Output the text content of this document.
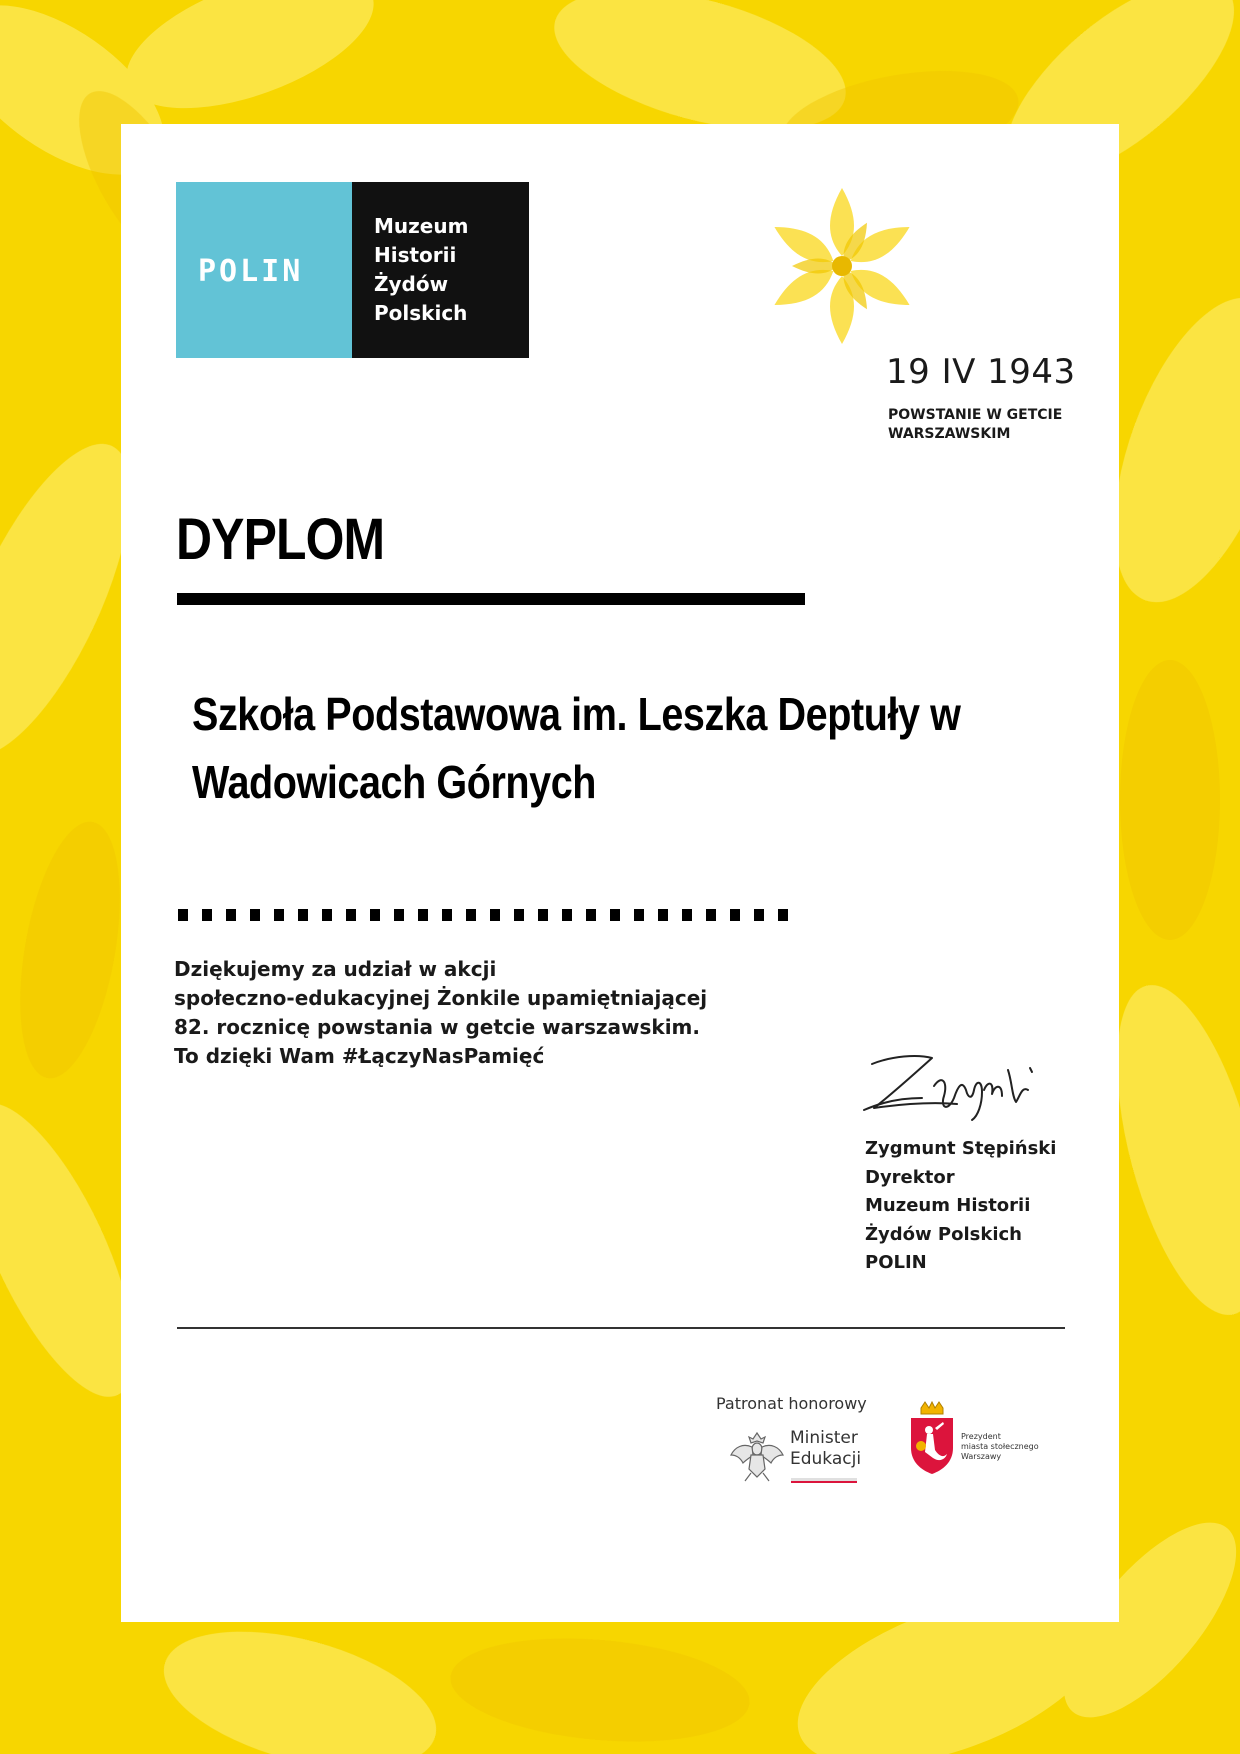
POLIN
Muzeum
Historii
Żydów
Polskich
19 IV 1943
POWSTANIE W GETCIE
WARSZAWSKIM
DYPLOM
Szkoła Podstawowa im. Leszka Deptuły w
Wadowicach Górnych
Dziękujemy za udział w akcji
społeczno-edukacyjnej Żonkile upamiętniającej
82. rocznicę powstania w getcie warszawskim.
To dzięki Wam #ŁączyNasPamięć
Zygmunt Stępiński
Dyrektor
Muzeum Historii
Żydów Polskich
POLIN
Patronat honorowy
Minister
Edukacji
Prezydent
miasta stołecznego
Warszawy
